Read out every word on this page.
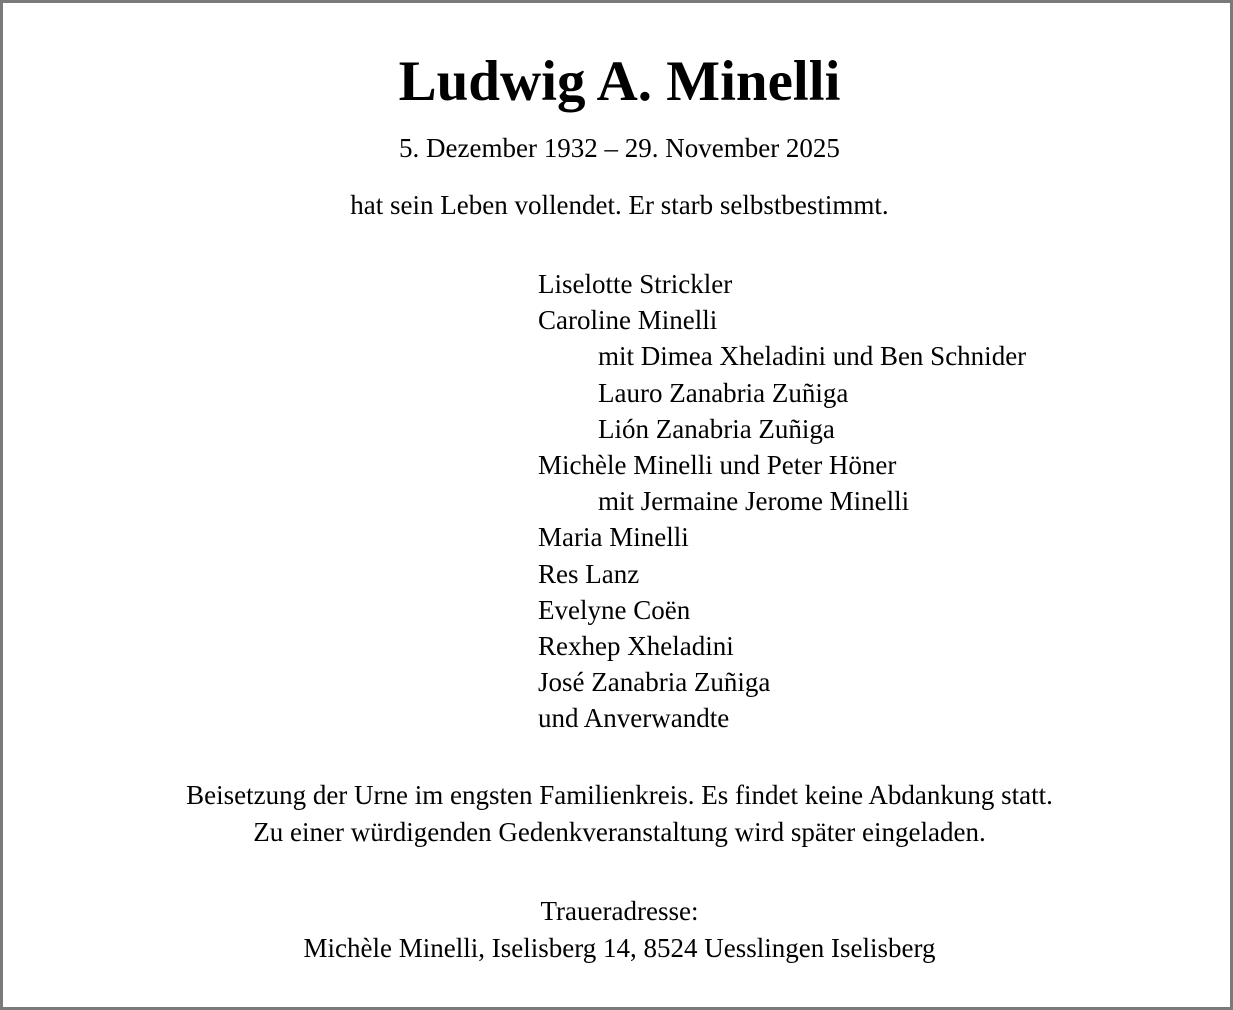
Ludwig A. Minelli
5. Dezember 1932 – 29. November 2025
hat sein Leben vollendet. Er starb selbstbestimmt.
Liselotte Strickler
Caroline Minelli
mit Dimea Xheladini und Ben Schnider
Lauro Zanabria Zuñiga
Lión Zanabria Zuñiga
Michèle Minelli und Peter Höner
mit Jermaine Jerome Minelli
Maria Minelli
Res Lanz
Evelyne Coën
Rexhep Xheladini
José Zanabria Zuñiga
und Anverwandte
Beisetzung der Urne im engsten Familienkreis. Es findet keine Abdankung statt.
Zu einer würdigenden Gedenkveranstaltung wird später eingeladen.
Traueradresse:
Michèle Minelli, Iselisberg 14, 8524 Uesslingen Iselisberg
